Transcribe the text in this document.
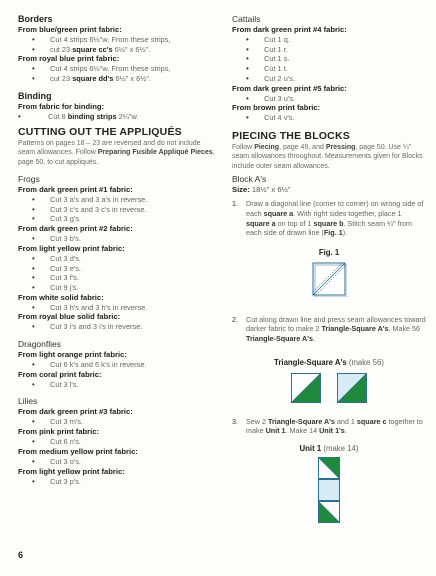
Borders

From blue/green print fabric:

• Cut 4 strips 6½"w. From these strips,
• cut 23 square cc's 6½" x 6½".

From royal blue print fabric:

• Cut 4 strips 6½"w. From these strips,
• cut 23 square dd's 6½" x 6½".

Binding

From fabric for binding:

• Cut 8 binding strips 2¼"w.

CUTTING OUT THE APPLIQUÉS

Patterns on pages 18 – 23 are reversed and do not include seam allowances. Follow Preparing Fusible Appliqué Pieces, page 50, to cut appliqués.

Frogs

From dark green print #1 fabric:

• Cut 3 a's and 3 a's in reverse.
• Cut 3 c's and 3 c's in reverse.
• Cut 3 g's.

From dark green print #2 fabric:

• Cut 3 b's.

From light yellow print fabric:

• Cut 3 d's.
• Cut 3 e's.
• Cut 3 f's.
• Cut 9 j's.

From white solid fabric:

• Cut 3 h's and 3 h's in reverse.

From royal blue solid fabric:

• Cut 3 i's and 3 i's in reverse.

Dragonflies

From light orange print fabric:

• Cut 6 k's and 6 k's in reverse.

From coral print fabric:

• Cut 3 l's.

Lilies

From dark green print #3 fabric:

• Cut 3 m's.

From pink print fabric:

• Cut 6 n's.

From medium yellow print fabric:

• Cut 3 o's.

From light yellow print fabric:

• Cut 3 p's.

Cattails

From dark green print #4 fabric:

• Cut 1 q.
• Cut 1 r.
• Cut 1 s.
• Cut 1 t.
• Cut 2 u's.

From dark green print #5 fabric:

• Cut 3 u's.

From brown print fabric:

• Cut 4 v's.

PIECING THE BLOCKS

Follow Piecing, page 49, and Pressing, page 50. Use ¼" seam allowances throughout. Measurements given for Blocks include outer seam allowances.

Block A's

Size: 18½" x 6½"

1. Draw a diagonal line (corner to corner) on wrong side of each square a. With right sides together, place 1 square a on top of 1 square b. Stitch seam ¼" from each side of drawn line (Fig. 1).

Fig. 1

2. Cut along drawn line and press seam allowances toward darker fabric to make 2 Triangle-Square A's. Make 56 Triangle-Square A's.

Triangle-Square A's (make 56)

3. Sew 2 Triangle-Square A's and 1 square c together to make Unit 1. Make 14 Unit 1's.

Unit 1 (make 14)

6
